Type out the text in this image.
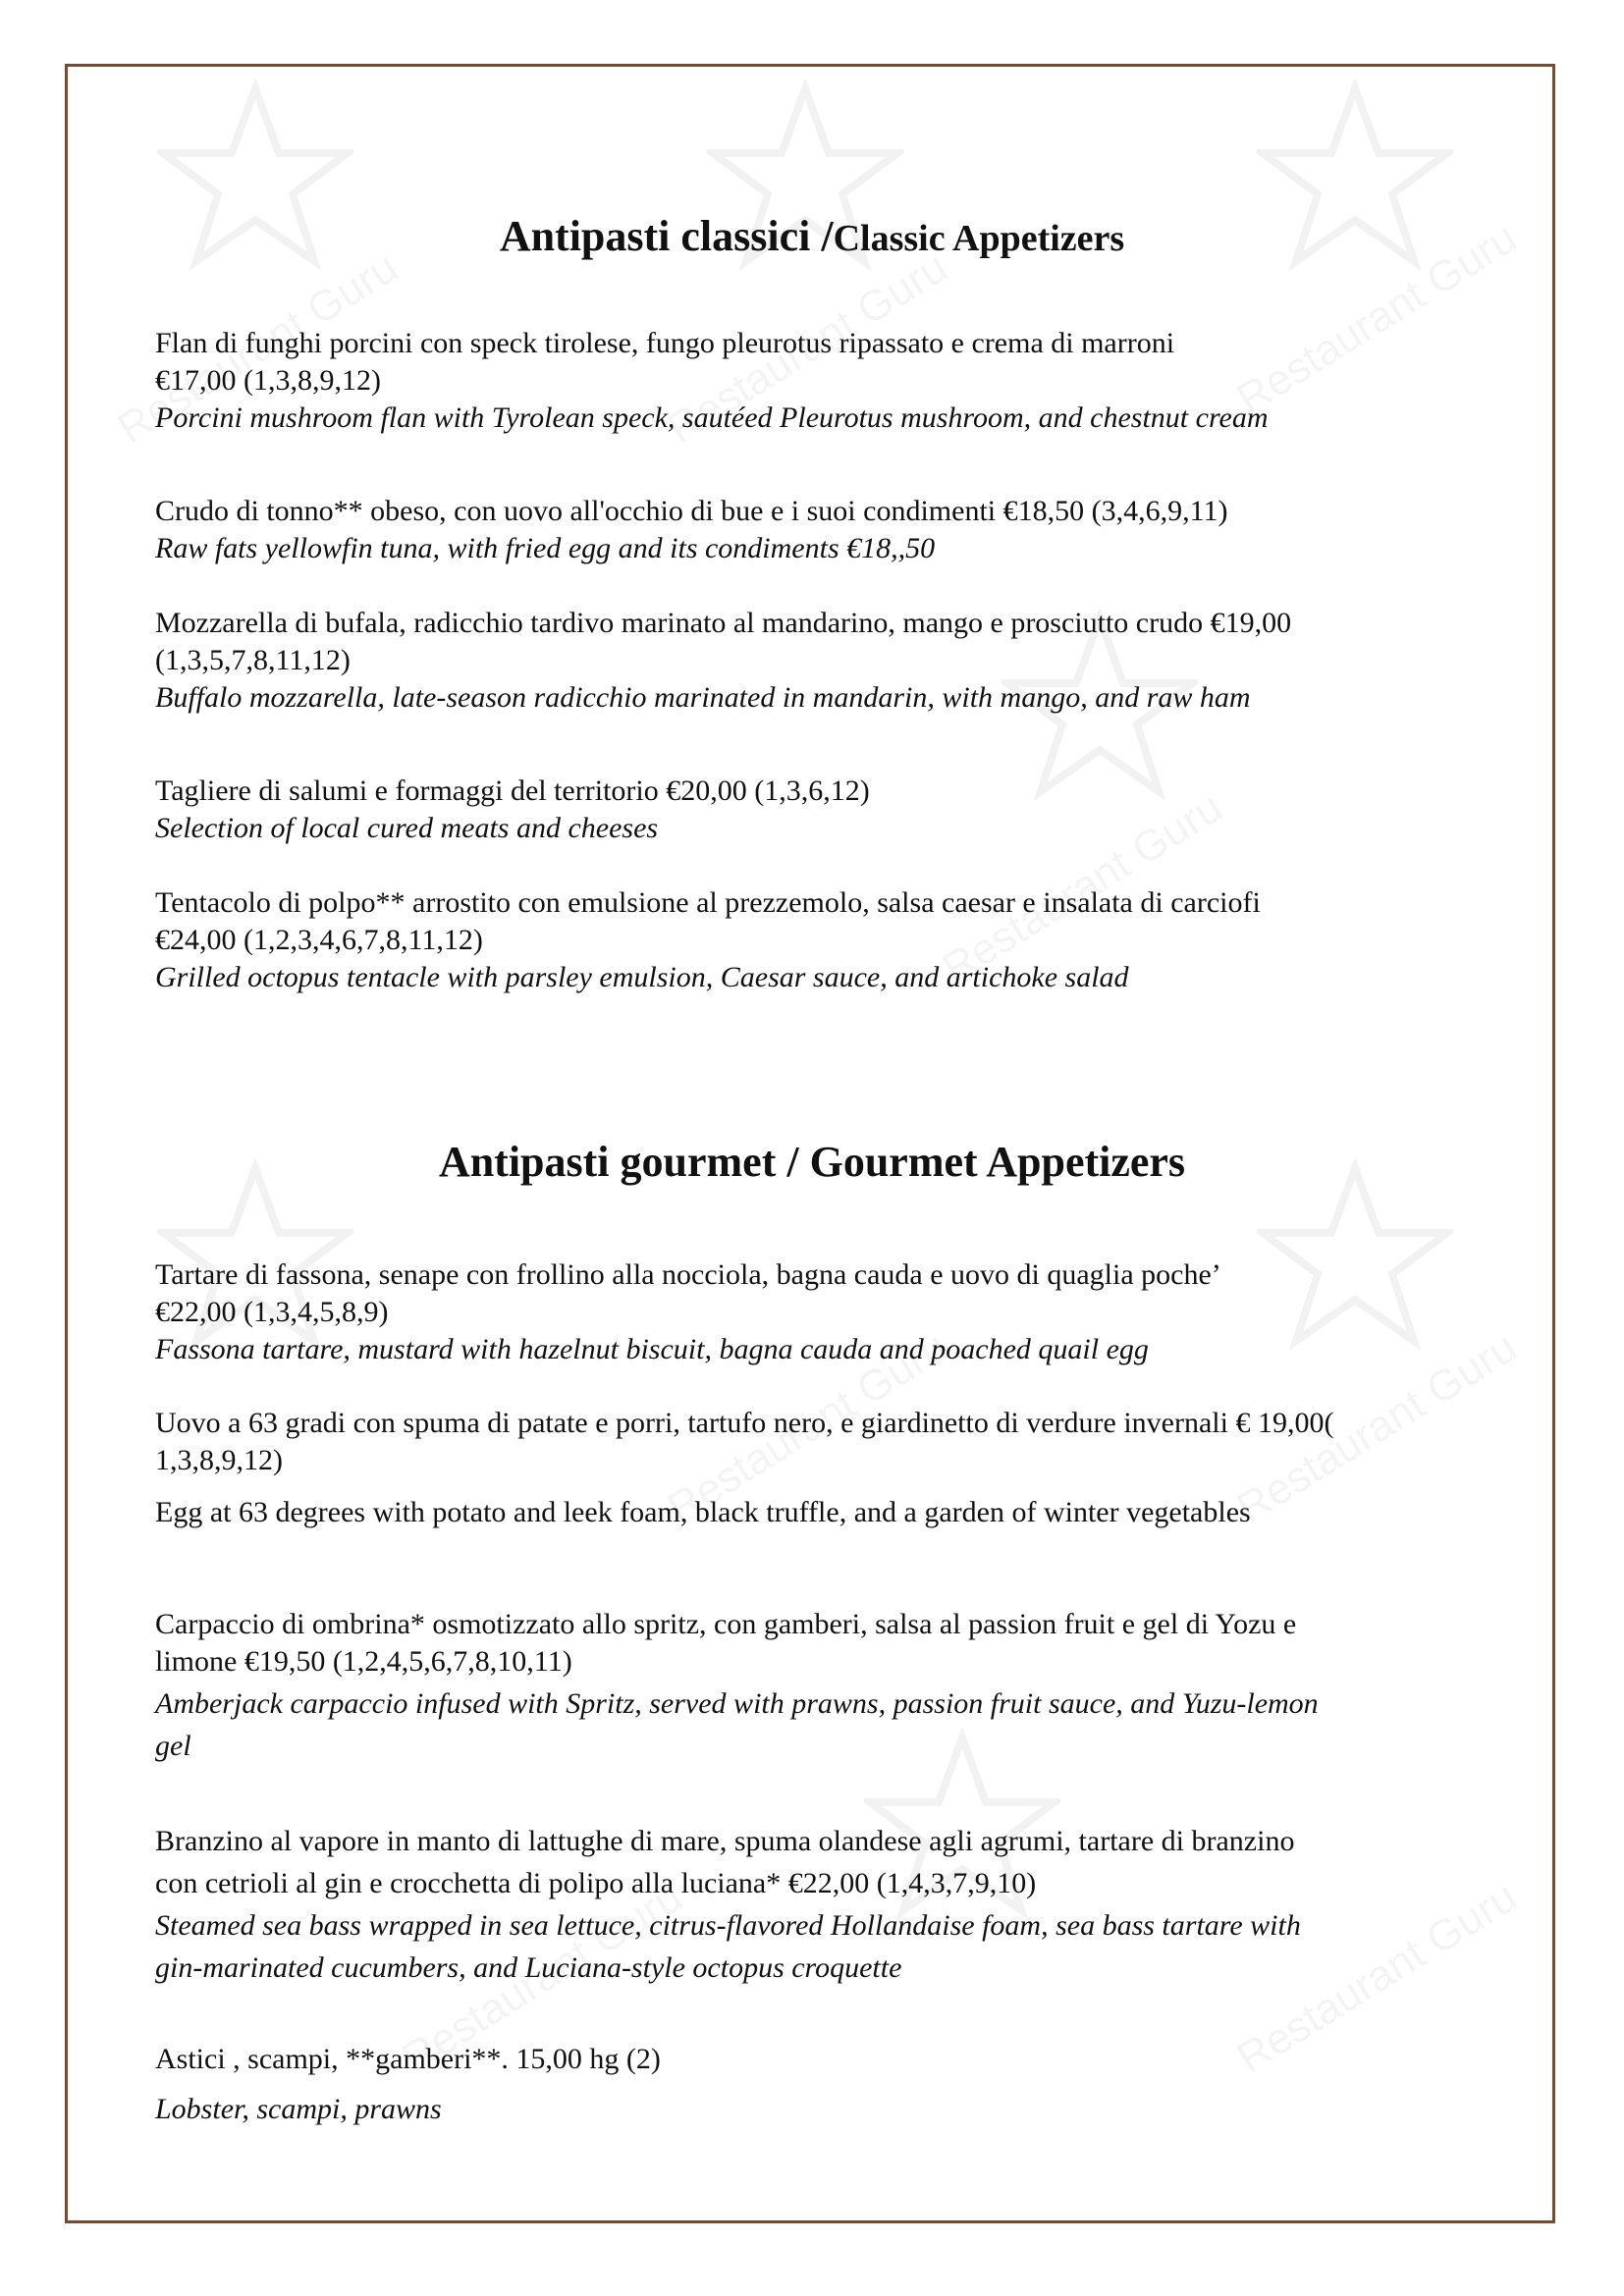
Antipasti classici /Classic Appetizers

Flan di funghi porcini con speck tirolese, fungo pleurotus ripassato e crema di marroni

€17,00 (1,3,8,9,12)

Porcini mushroom flan with Tyrolean speck, sautéed Pleurotus mushroom, and chestnut cream

Crudo di tonno** obeso, con uovo all'occhio di bue e i suoi condimenti €18,50 (3,4,6,9,11)

Raw fats yellowfin tuna, with fried egg and its condiments €18,,50

Mozzarella di bufala, radicchio tardivo marinato al mandarino, mango e prosciutto crudo €19,00

(1,3,5,7,8,11,12)

Buffalo mozzarella, late-season radicchio marinated in mandarin, with mango, and raw ham

Tagliere di salumi e formaggi del territorio €20,00 (1,3,6,12)

Selection of local cured meats and cheeses

Tentacolo di polpo** arrostito con emulsione al prezzemolo, salsa caesar e insalata di carciofi

€24,00 (1,2,3,4,6,7,8,11,12)

Grilled octopus tentacle with parsley emulsion, Caesar sauce, and artichoke salad

Antipasti gourmet / Gourmet Appetizers

Tartare di fassona, senape con frollino alla nocciola, bagna cauda e uovo di quaglia poche’

€22,00 (1,3,4,5,8,9)

Fassona tartare, mustard with hazelnut biscuit, bagna cauda and poached quail egg

Uovo a 63 gradi con spuma di patate e porri, tartufo nero, e giardinetto di verdure invernali € 19,00(

1,3,8,9,12)

Egg at 63 degrees with potato and leek foam, black truffle, and a garden of winter vegetables

Carpaccio di ombrina* osmotizzato allo spritz, con gamberi, salsa al passion fruit e gel di Yozu e

limone €19,50 (1,2,4,5,6,7,8,10,11)

Amberjack carpaccio infused with Spritz, served with prawns, passion fruit sauce, and Yuzu-lemon

gel

Branzino al vapore in manto di lattughe di mare, spuma olandese agli agrumi, tartare di branzino

con cetrioli al gin e crocchetta di polipo alla luciana* €22,00 (1,4,3,7,9,10)

Steamed sea bass wrapped in sea lettuce, citrus-flavored Hollandaise foam, sea bass tartare with

gin-marinated cucumbers, and Luciana-style octopus croquette

Astici , scampi, **gamberi**. 15,00 hg (2)

Lobster, scampi, prawns
